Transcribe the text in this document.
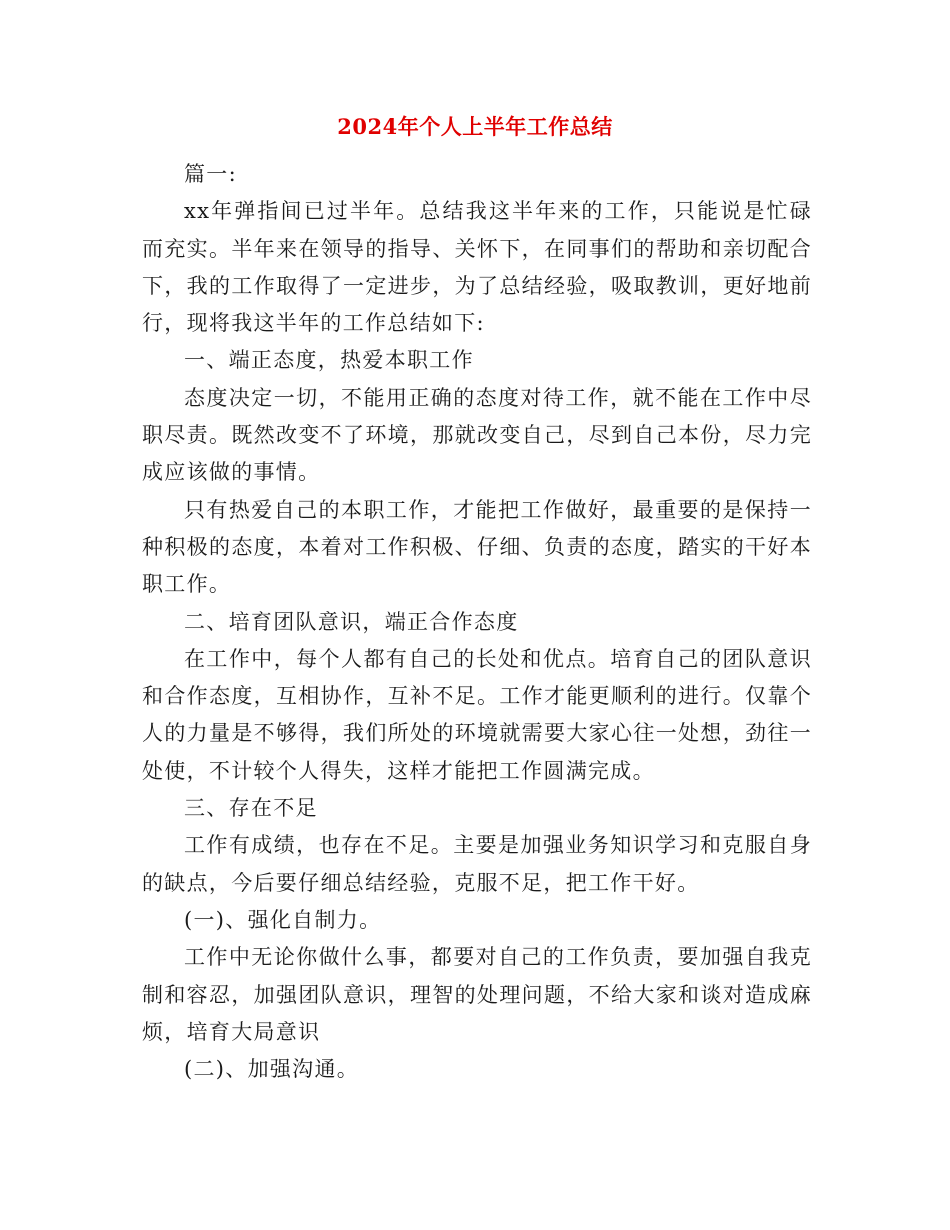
2024年个人上半年工作总结

篇一:

xx年弹指间已过半年。总结我这半年来的工作，只能说是忙碌而充实。半年来在领导的指导、关怀下，在同事们的帮助和亲切配合下，我的工作取得了一定进步，为了总结经验，吸取教训，更好地前行，现将我这半年的工作总结如下:

一、端正态度，热爱本职工作

态度决定一切，不能用正确的态度对待工作，就不能在工作中尽职尽责。既然改变不了环境，那就改变自己，尽到自己本份，尽力完成应该做的事情。

只有热爱自己的本职工作，才能把工作做好，最重要的是保持一种积极的态度，本着对工作积极、仔细、负责的态度，踏实的干好本职工作。

二、培育团队意识，端正合作态度

在工作中，每个人都有自己的长处和优点。培育自己的团队意识和合作态度，互相协作，互补不足。工作才能更顺利的进行。仅靠个人的力量是不够得，我们所处的环境就需要大家心往一处想，劲往一处使，不计较个人得失，这样才能把工作圆满完成。

三、存在不足

工作有成绩，也存在不足。主要是加强业务知识学习和克服自身的缺点，今后要仔细总结经验，克服不足，把工作干好。

(一)、强化自制力。

工作中无论你做什么事，都要对自己的工作负责，要加强自我克制和容忍，加强团队意识，理智的处理问题，不给大家和谈对造成麻烦，培育大局意识

(二)、加强沟通。
